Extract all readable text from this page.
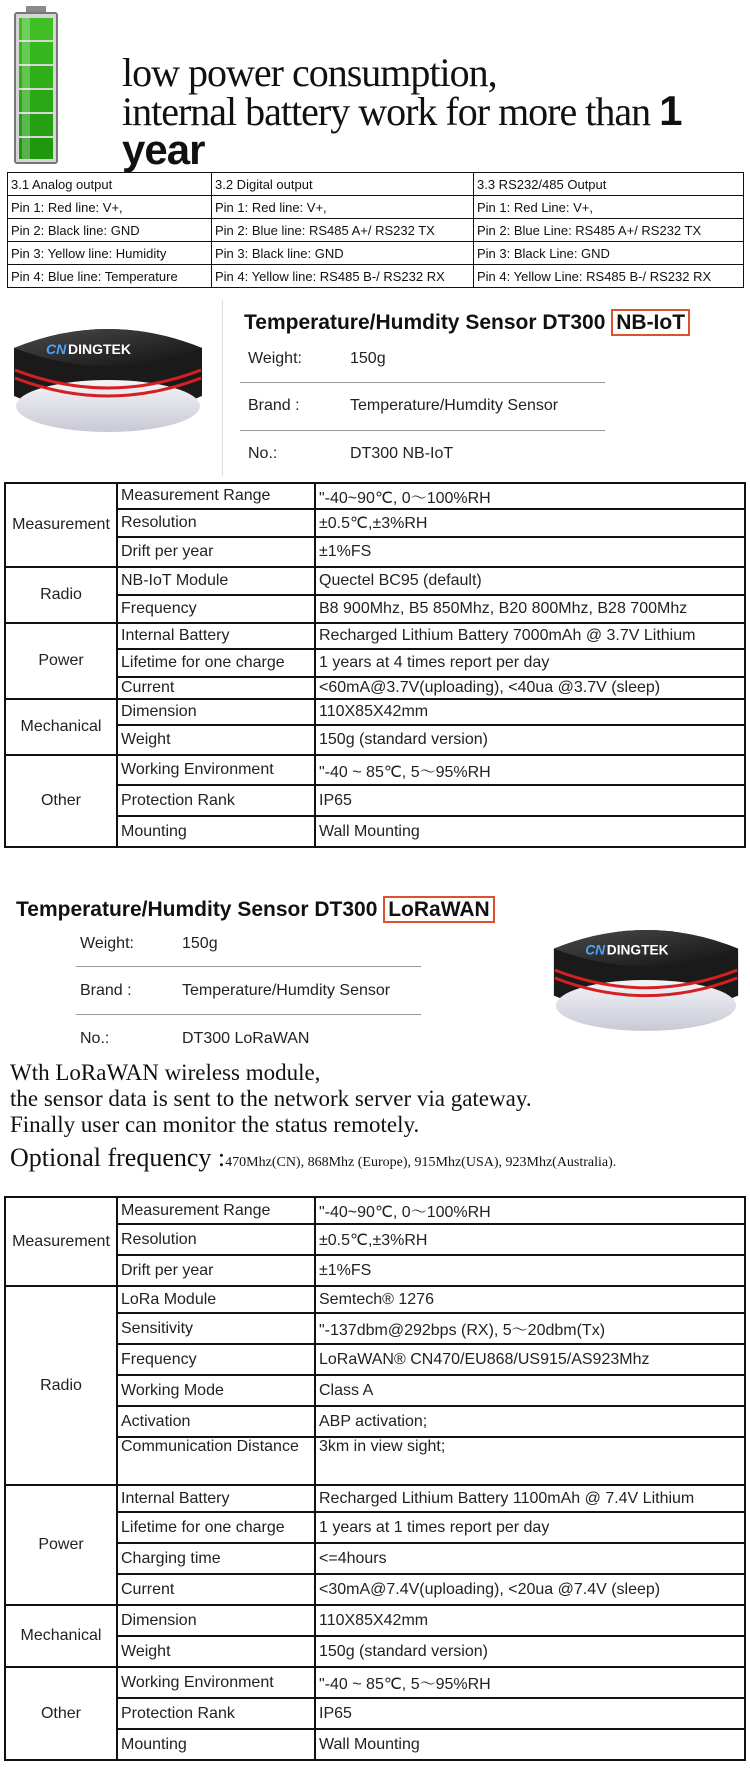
low power consumption,
internal battery work for more than 1 year
3.1 Analog output	3.2 Digital output	3.3 RS232/485 Output
Pin 1: Red line: V+,	Pin 1: Red line: V+,	Pin 1: Red Line: V+,
Pin 2: Black line: GND	Pin 2: Blue line: RS485 A+/ RS232 TX	Pin 2: Blue Line: RS485 A+/ RS232 TX
Pin 3: Yellow line: Humidity	Pin 3: Black line: GND	Pin 3: Black Line: GND
Pin 4: Blue line: Temperature	Pin 4: Yellow line: RS485 B-/ RS232 RX	Pin 4: Yellow Line: RS485 B-/ RS232 RX
CN DINGTEK
Temperature/Humdity Sensor DT300 NB-IoT
Weight:	150g
Brand :	Temperature/Humdity Sensor
No.:	DT300 NB-IoT
Measurement	Measurement Range	"-40~90℃, 0～100%RH
	Resolution	±0.5℃,±3%RH
	Drift per year	±1%FS
Radio	NB-IoT Module	Quectel BC95 (default)
	Frequency	B8 900Mhz, B5 850Mhz, B20 800Mhz, B28 700Mhz
Power	Internal Battery	Recharged Lithium Battery 7000mAh @ 3.7V Lithium
	Lifetime for one charge	1 years at 4 times report per day
	Current	<60mA@3.7V(uploading), <40ua @3.7V (sleep)
Mechanical	Dimension	110X85X42mm
	Weight	150g (standard version)
Other	Working Environment	"-40 ~ 85℃, 5～95%RH
	Protection Rank	IP65
	Mounting	Wall Mounting
Temperature/Humdity Sensor DT300 LoRaWAN
Weight:	150g
Brand :	Temperature/Humdity Sensor
No.:	DT300 LoRaWAN
CN DINGTEK
Wth LoRaWAN wireless module,
the sensor data is sent to the network server via gateway.
Finally user can monitor the status remotely.
Optional frequency :470Mhz(CN), 868Mhz (Europe), 915Mhz(USA), 923Mhz(Australia).
Measurement	Measurement Range	"-40~90℃, 0～100%RH
	Resolution	±0.5℃,±3%RH
	Drift per year	±1%FS
Radio	LoRa Module	Semtech® 1276
	Sensitivity	"-137dbm@292bps (RX), 5～20dbm(Tx)
	Frequency	LoRaWAN® CN470/EU868/US915/AS923Mhz
	Working Mode	Class A
	Activation	ABP activation;
	Communication Distance	3km in view sight;
Power	Internal Battery	Recharged Lithium Battery 1100mAh @ 7.4V Lithium
	Lifetime for one charge	1 years at 1 times report per day
	Charging time	<=4hours
	Current	<30mA@7.4V(uploading), <20ua @7.4V (sleep)
Mechanical	Dimension	110X85X42mm
	Weight	150g (standard version)
Other	Working Environment	"-40 ~ 85℃, 5～95%RH
	Protection Rank	IP65
	Mounting	Wall Mounting
